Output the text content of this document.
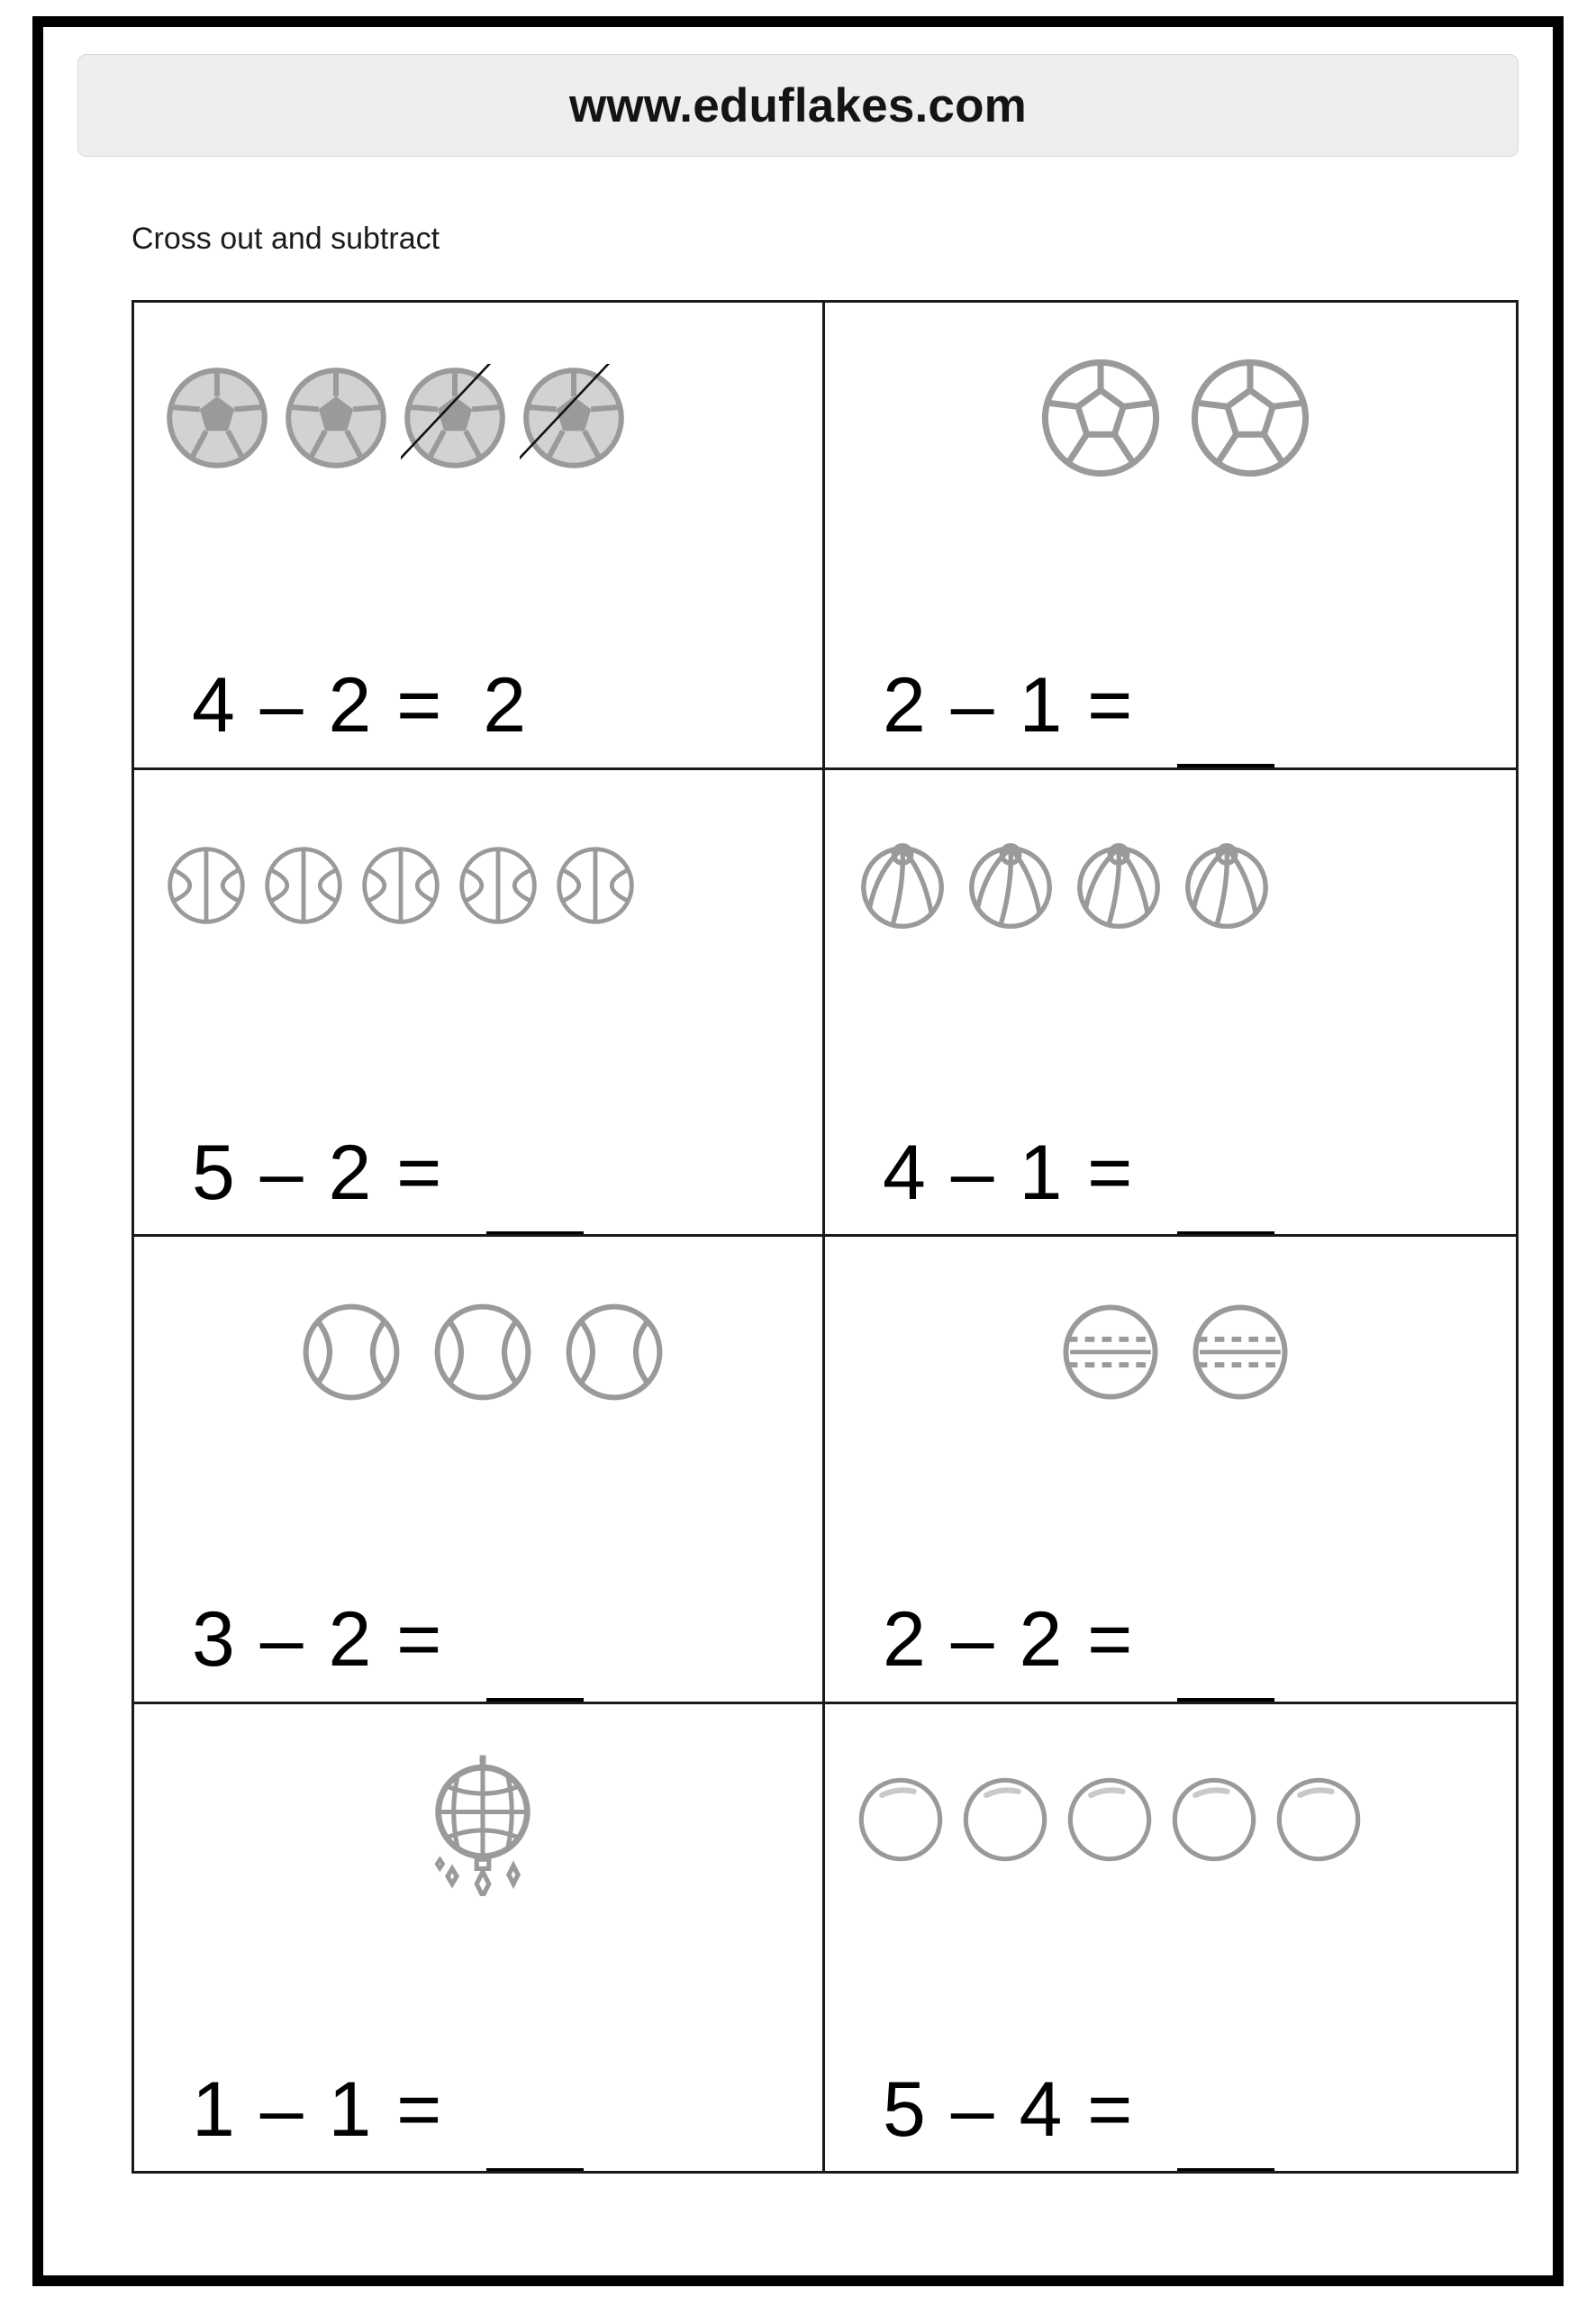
www.eduflakes.com
Cross out and subtract
4 – 2 = 2	2 – 1 =
5 – 2 =	4 – 1 =
3 – 2 =	2 – 2 =
1 – 1 =	5 – 4 =
